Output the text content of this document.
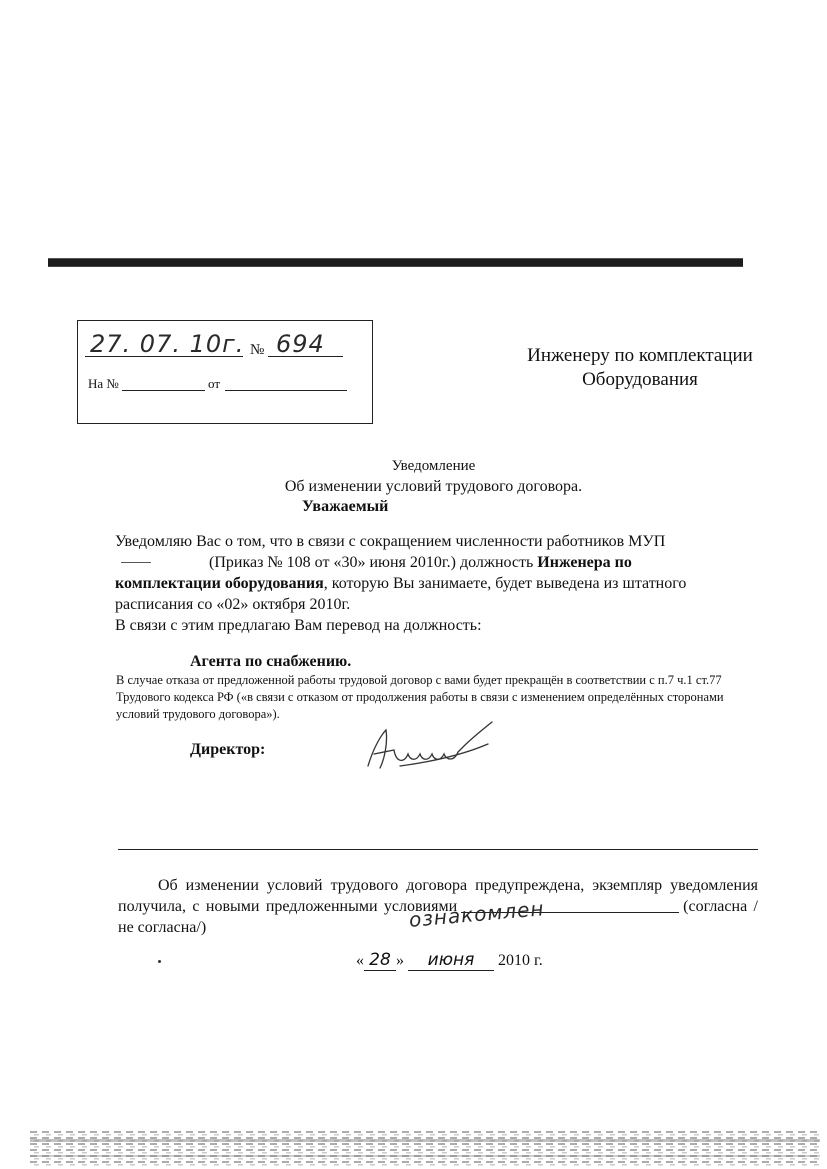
27. 07. 10г. № 694
На №	от
Инженеру по комплектации
Оборудования
Уведомление
Об изменении условий трудового договора.
Уважаемый

Уведомляю Вас о том, что в связи с сокращением численности работников МУП

(Приказ № 108 от «30» июня 2010г.) должность Инженера по

комплектации оборудования, которую Вы занимаете, будет выведена из штатного

расписания со «02» октября 2010г.

В связи с этим предлагаю Вам перевод на должность:

Агента по снабжению.
В случае отказа от предложенной работы трудовой договор с вами будет прекращён в соответствии с п.7 ч.1 ст.77 Трудового кодекса РФ («в связи с отказом от продолжения работы в связи с изменением определённых сторонами условий трудового договора»).
Директор:
Об изменении условий трудового договора предупреждена, экземпляр уведомления получила, с новыми предложенными условиями	(согласна /не согласна/)	ознакомлен
« 28 » июня 2010 г.
